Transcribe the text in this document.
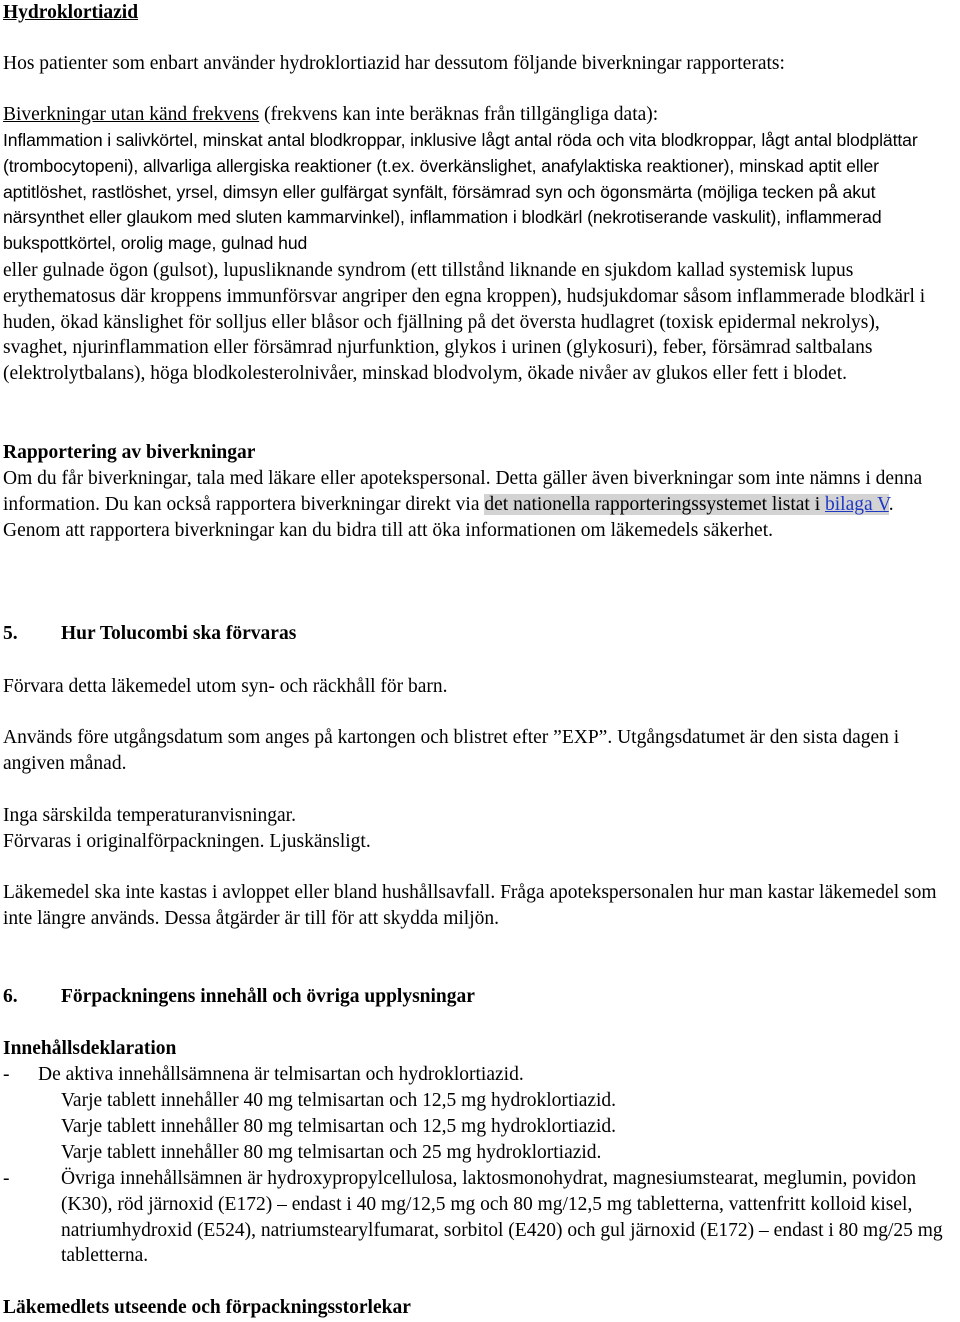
Hydroklortiazid

Hos patienter som enbart använder hydroklortiazid har dessutom följande biverkningar rapporterats:

Biverkningar utan känd frekvens (frekvens kan inte beräknas från tillgängliga data):

Inflammation i salivkörtel, minskat antal blodkroppar, inklusive lågt antal röda och vita blodkroppar, lågt antal blodplättar (trombocytopeni), allvarliga allergiska reaktioner (t.ex. överkänslighet, anafylaktiska reaktioner), minskad aptit eller aptitlöshet, rastlöshet, yrsel, dimsyn eller gulfärgat synfält, försämrad syn och ögonsmärta (möjliga tecken på akut närsynthet eller glaukom med sluten kammarvinkel), inflammation i blodkärl (nekrotiserande vaskulit), inflammerad bukspottkörtel, orolig mage, gulnad hud

eller gulnade ögon (gulsot), lupusliknande syndrom (ett tillstånd liknande en sjukdom kallad systemisk lupus erythematosus där kroppens immunförsvar angriper den egna kroppen), hudsjukdomar såsom inflammerade blodkärl i huden, ökad känslighet för solljus eller blåsor och fjällning på det översta hudlagret (toxisk epidermal nekrolys), svaghet, njurinflammation eller försämrad njurfunktion, glykos i urinen (glykosuri), feber, försämrad saltbalans (elektrolytbalans), höga blodkolesterolnivåer, minskad blodvolym, ökade nivåer av glukos eller fett i blodet.

Rapportering av biverkningar

Om du får biverkningar, tala med läkare eller apotekspersonal. Detta gäller även biverkningar som inte nämns i denna information. Du kan också rapportera biverkningar direkt via det nationella rapporteringssystemet listat i bilaga V. Genom att rapportera biverkningar kan du bidra till att öka informationen om läkemedels säkerhet.

5. Hur Tolucombi ska förvaras

Förvara detta läkemedel utom syn- och räckhåll för barn.

Används före utgångsdatum som anges på kartongen och blistret efter ”EXP”. Utgångsdatumet är den sista dagen i angiven månad.

Inga särskilda temperaturanvisningar.

Förvaras i originalförpackningen. Ljuskänsligt.

Läkemedel ska inte kastas i avloppet eller bland hushållsavfall. Fråga apotekspersonalen hur man kastar läkemedel som inte längre används. Dessa åtgärder är till för att skydda miljön.

6. Förpackningens innehåll och övriga upplysningar

Innehållsdeklaration

-	De aktiva innehållsämnena är telmisartan och hydroklortiazid.

Varje tablett innehåller 40 mg telmisartan och 12,5 mg hydroklortiazid.

Varje tablett innehåller 80 mg telmisartan och 12,5 mg hydroklortiazid.

Varje tablett innehåller 80 mg telmisartan och 25 mg hydroklortiazid.

-	Övriga innehållsämnen är hydroxypropylcellulosa, laktosmonohydrat, magnesiumstearat, meglumin, povidon (K30), röd järnoxid (E172) – endast i 40 mg/12,5 mg och 80 mg/12,5 mg tabletterna, vattenfritt kolloid kisel, natriumhydroxid (E524), natriumstearylfumarat, sorbitol (E420) och gul järnoxid (E172) – endast i 80 mg/25 mg tabletterna.

Läkemedlets utseende och förpackningsstorlekar
